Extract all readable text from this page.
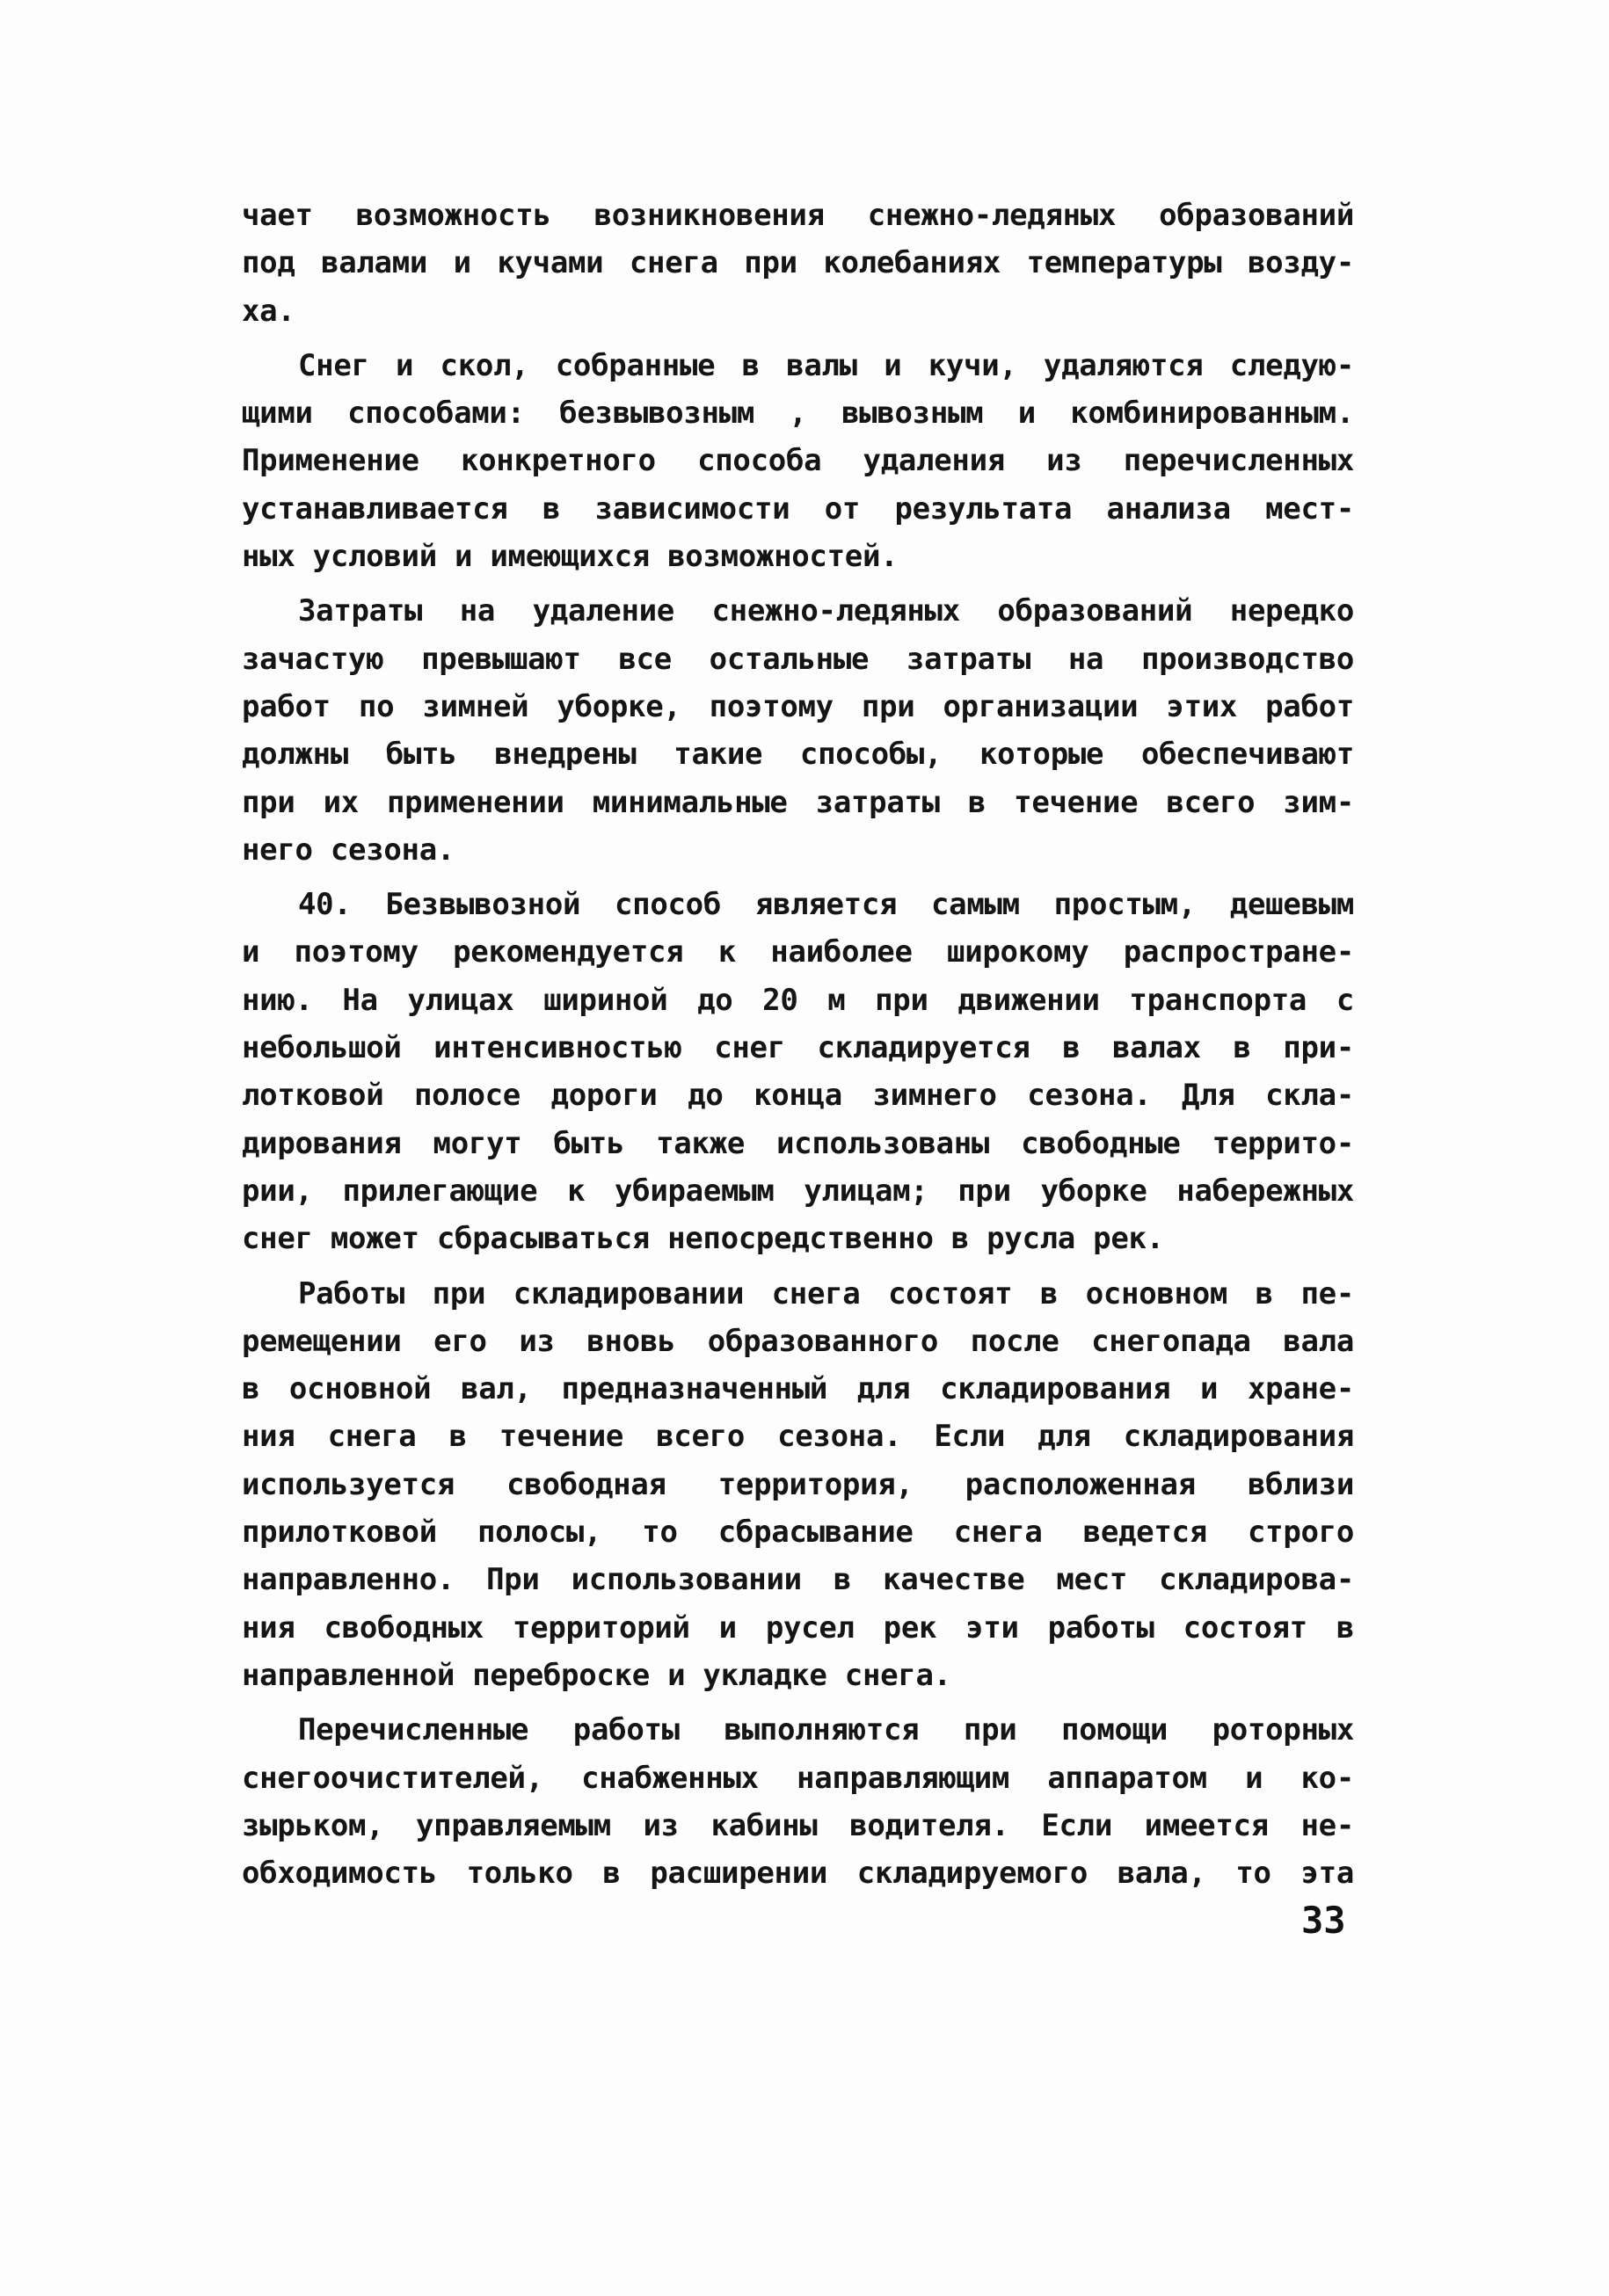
чает возможность возникновения снежно-ледяных образований
под валами и кучами снега при колебаниях температуры возду-
ха.
Снег и скол, собранные в валы и кучи, удаляются следую-
щими способами: безвывозным , вывозным и комбинированным.
Применение конкретного способа удаления из перечисленных
устанавливается в зависимости от результата анализа мест-
ных условий и имеющихся возможностей.
Затраты на удаление снежно-ледяных образований нередко
зачастую превышают все остальные затраты на производство
работ по зимней уборке, поэтому при организации этих работ
должны быть внедрены такие способы, которые обеспечивают
при их применении минимальные затраты в течение всего зим-
него сезона.
40. Безвывозной способ является самым простым, дешевым
и поэтому рекомендуется к наиболее широкому распростране-
нию. На улицах шириной до 20 м при движении транспорта с
небольшой интенсивностью снег складируется в валах в при-
лотковой полосе дороги до конца зимнего сезона. Для скла-
дирования могут быть также использованы свободные террито-
рии, прилегающие к убираемым улицам; при уборке набережных
снег может сбрасываться непосредственно в русла рек.
Работы при складировании снега состоят в основном в пе-
ремещении его из вновь образованного после снегопада вала
в основной вал, предназначенный для складирования и хране-
ния снега в течение всего сезона. Если для складирования
используется свободная территория, расположенная вблизи
прилотковой полосы, то сбрасывание снега ведется строго
направленно. При использовании в качестве мест складирова-
ния свободных территорий и русел рек эти работы состоят в
направленной переброске и укладке снега.
Перечисленные работы выполняются при помощи роторных
снегоочистителей, снабженных направляющим аппаратом и ко-
зырьком, управляемым из кабины водителя. Если имеется не-
обходимость только в расширении складируемого вала, то эта
33
